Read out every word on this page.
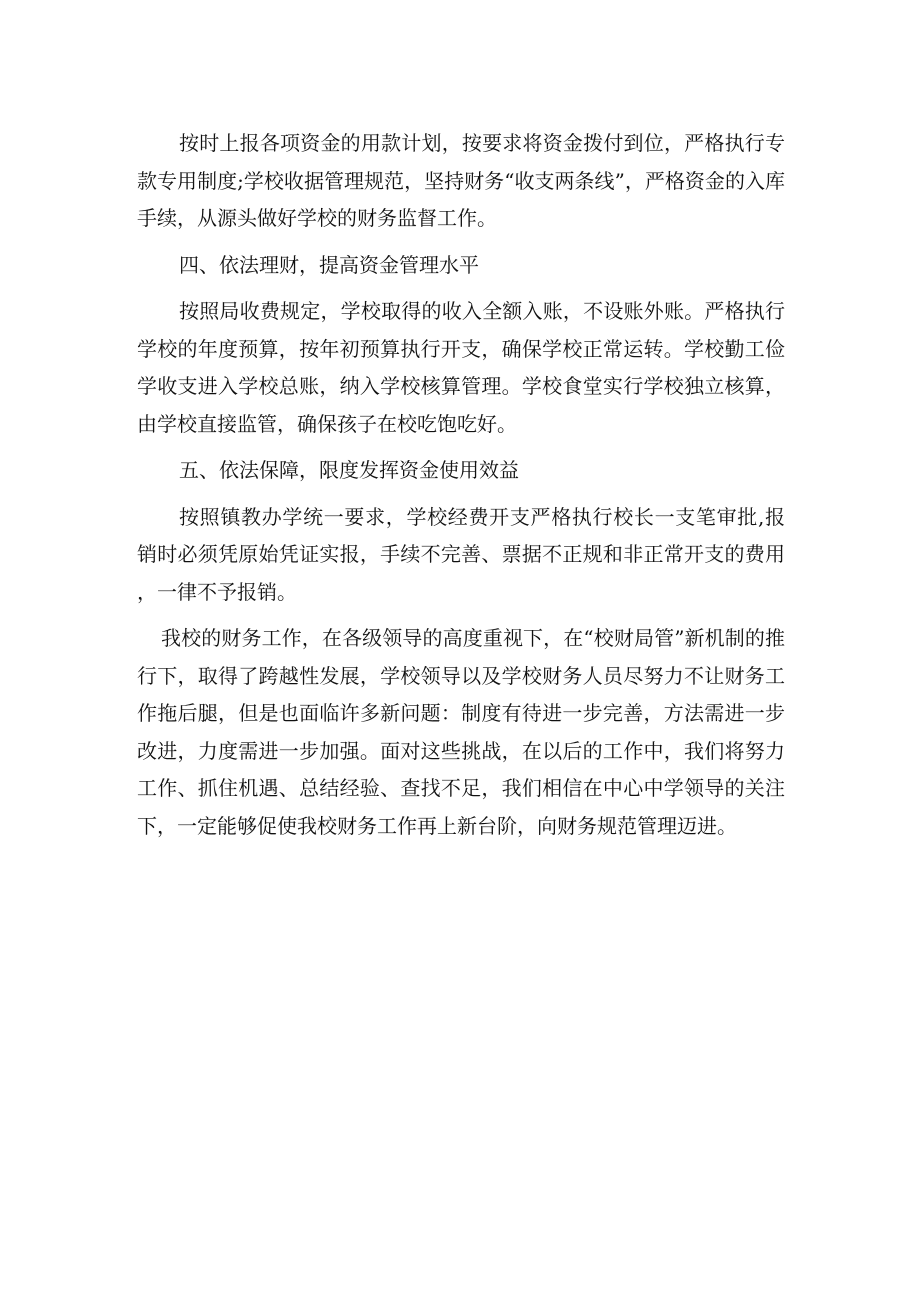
按时上报各项资金的用款计划，按要求将资金拨付到位，严格执行专款专用制度;学校收据管理规范，坚持财务“收支两条线”，严格资金的入库手续，从源头做好学校的财务监督工作。

四、依法理财，提高资金管理水平

按照局收费规定，学校取得的收入全额入账，不设账外账。严格执行学校的年度预算，按年初预算执行开支，确保学校正常运转。学校勤工俭学收支进入学校总账，纳入学校核算管理。学校食堂实行学校独立核算，由学校直接监管，确保孩子在校吃饱吃好。

五、依法保障，限度发挥资金使用效益

按照镇教办学统一要求，学校经费开支严格执行校长一支笔审批,报销时必须凭原始凭证实报，手续不完善、票据不正规和非正常开支的费用，一律不予报销。

我校的财务工作，在各级领导的高度重视下，在“校财局管”新机制的推行下，取得了跨越性发展，学校领导以及学校财务人员尽努力不让财务工作拖后腿，但是也面临许多新问题：制度有待进一步完善，方法需进一步改进，力度需进一步加强。面对这些挑战，在以后的工作中，我们将努力工作、抓住机遇、总结经验、查找不足，我们相信在中心中学领导的关注下，一定能够促使我校财务工作再上新台阶，向财务规范管理迈进。
